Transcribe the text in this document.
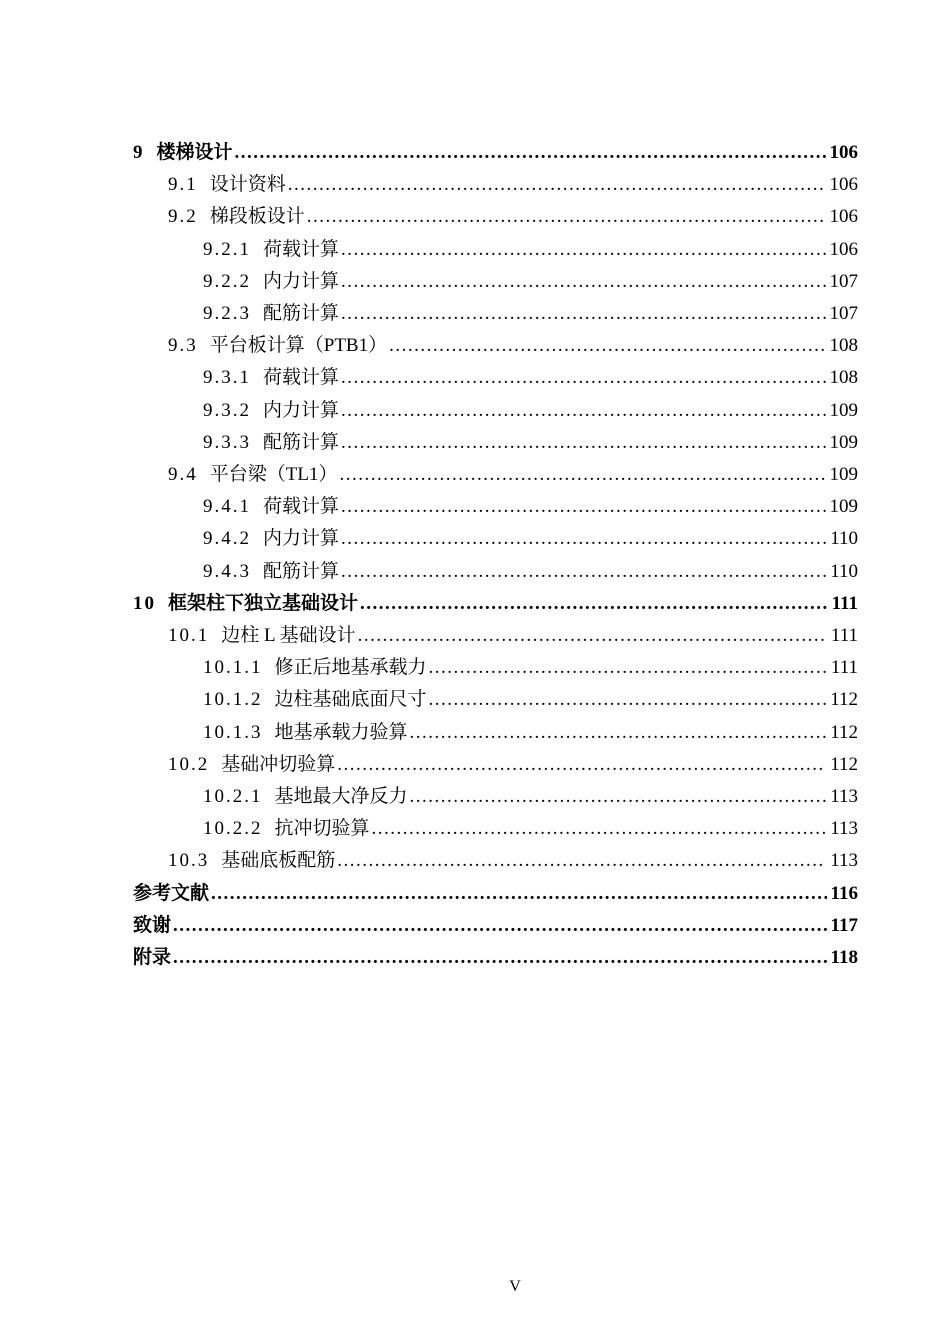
9 楼梯设计 .....	106
9.1 设计资料 .....	106
9.2 梯段板设计 .....	106
9.2.1 荷载计算 .....	106
9.2.2 内力计算 .....	107
9.2.3 配筋计算 .....	107
9.3 平台板计算（PTB1） .....	108
9.3.1 荷载计算 .....	108
9.3.2 内力计算 .....	109
9.3.3 配筋计算 .....	109
9.4 平台梁（TL1） .....	109
9.4.1 荷载计算 .....	109
9.4.2 内力计算 .....	110
9.4.3 配筋计算 .....	110
10 框架柱下独立基础设计 .....	111
10.1 边柱 L 基础设计 .....	111
10.1.1 修正后地基承载力 .....	111
10.1.2 边柱基础底面尺寸 .....	112
10.1.3 地基承载力验算 .....	112
10.2 基础冲切验算 .....	112
10.2.1 基地最大净反力 .....	113
10.2.2 抗冲切验算 .....	113
10.3 基础底板配筋 .....	113
参考文献 .....	116
致谢 .....	117
附录 .....	118
V
